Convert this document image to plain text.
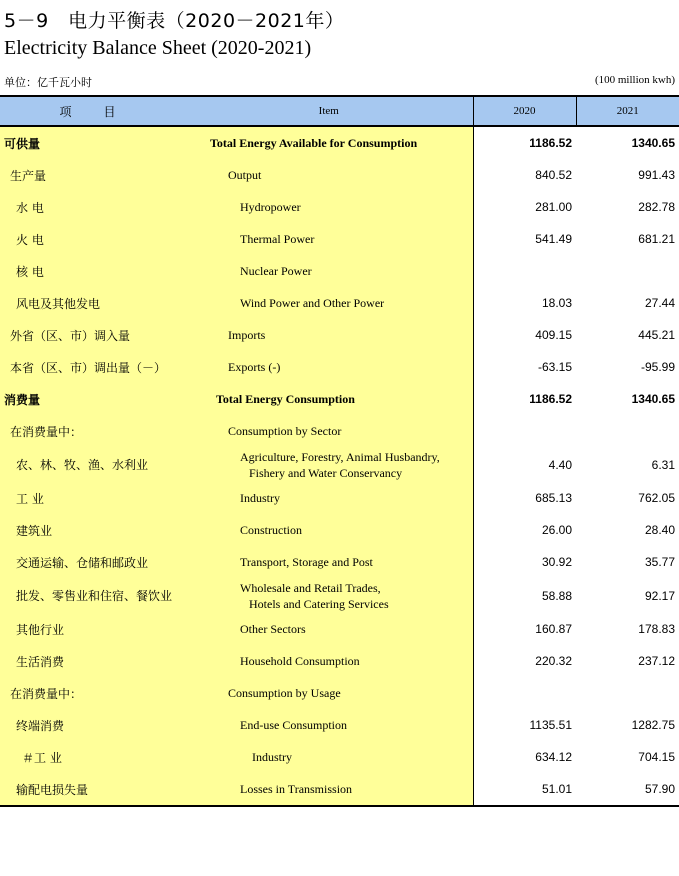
5－9　电力平衡表（2020－2021年）
Electricity Balance Sheet (2020-2021)
单位：亿千瓦小时	(100 million kwh)
项　目	Item	2020	2021
可供量	Total Energy Available for Consumption	1186.52	1340.65
生产量	Output	840.52	991.43
水 电	Hydropower	281.00	282.78
火 电	Thermal Power	541.49	681.21
核 电	Nuclear Power		
风电及其他发电	Wind Power and Other Power	18.03	27.44
外省（区、市）调入量	Imports	409.15	445.21
本省（区、市）调出量（－）	Exports (-)	-63.15	-95.99
消费量	Total Energy Consumption	1186.52	1340.65
在消费量中：	Consumption by Sector		
农、林、牧、渔、水利业	Agriculture, Forestry, Animal Husbandry,
Fishery and Water Conservancy	4.40	6.31
工 业	Industry	685.13	762.05
建筑业	Construction	26.00	28.40
交通运输、仓储和邮政业	Transport, Storage and Post	30.92	35.77
批发、零售业和住宿、餐饮业	Wholesale and Retail Trades,
Hotels and Catering Services	58.88	92.17
其他行业	Other Sectors	160.87	178.83
生活消费	Household Consumption	220.32	237.12
在消费量中：	Consumption by Usage		
终端消费	End-use Consumption	1135.51	1282.75
＃工 业	Industry	634.12	704.15
输配电损失量	Losses in Transmission	51.01	57.90
